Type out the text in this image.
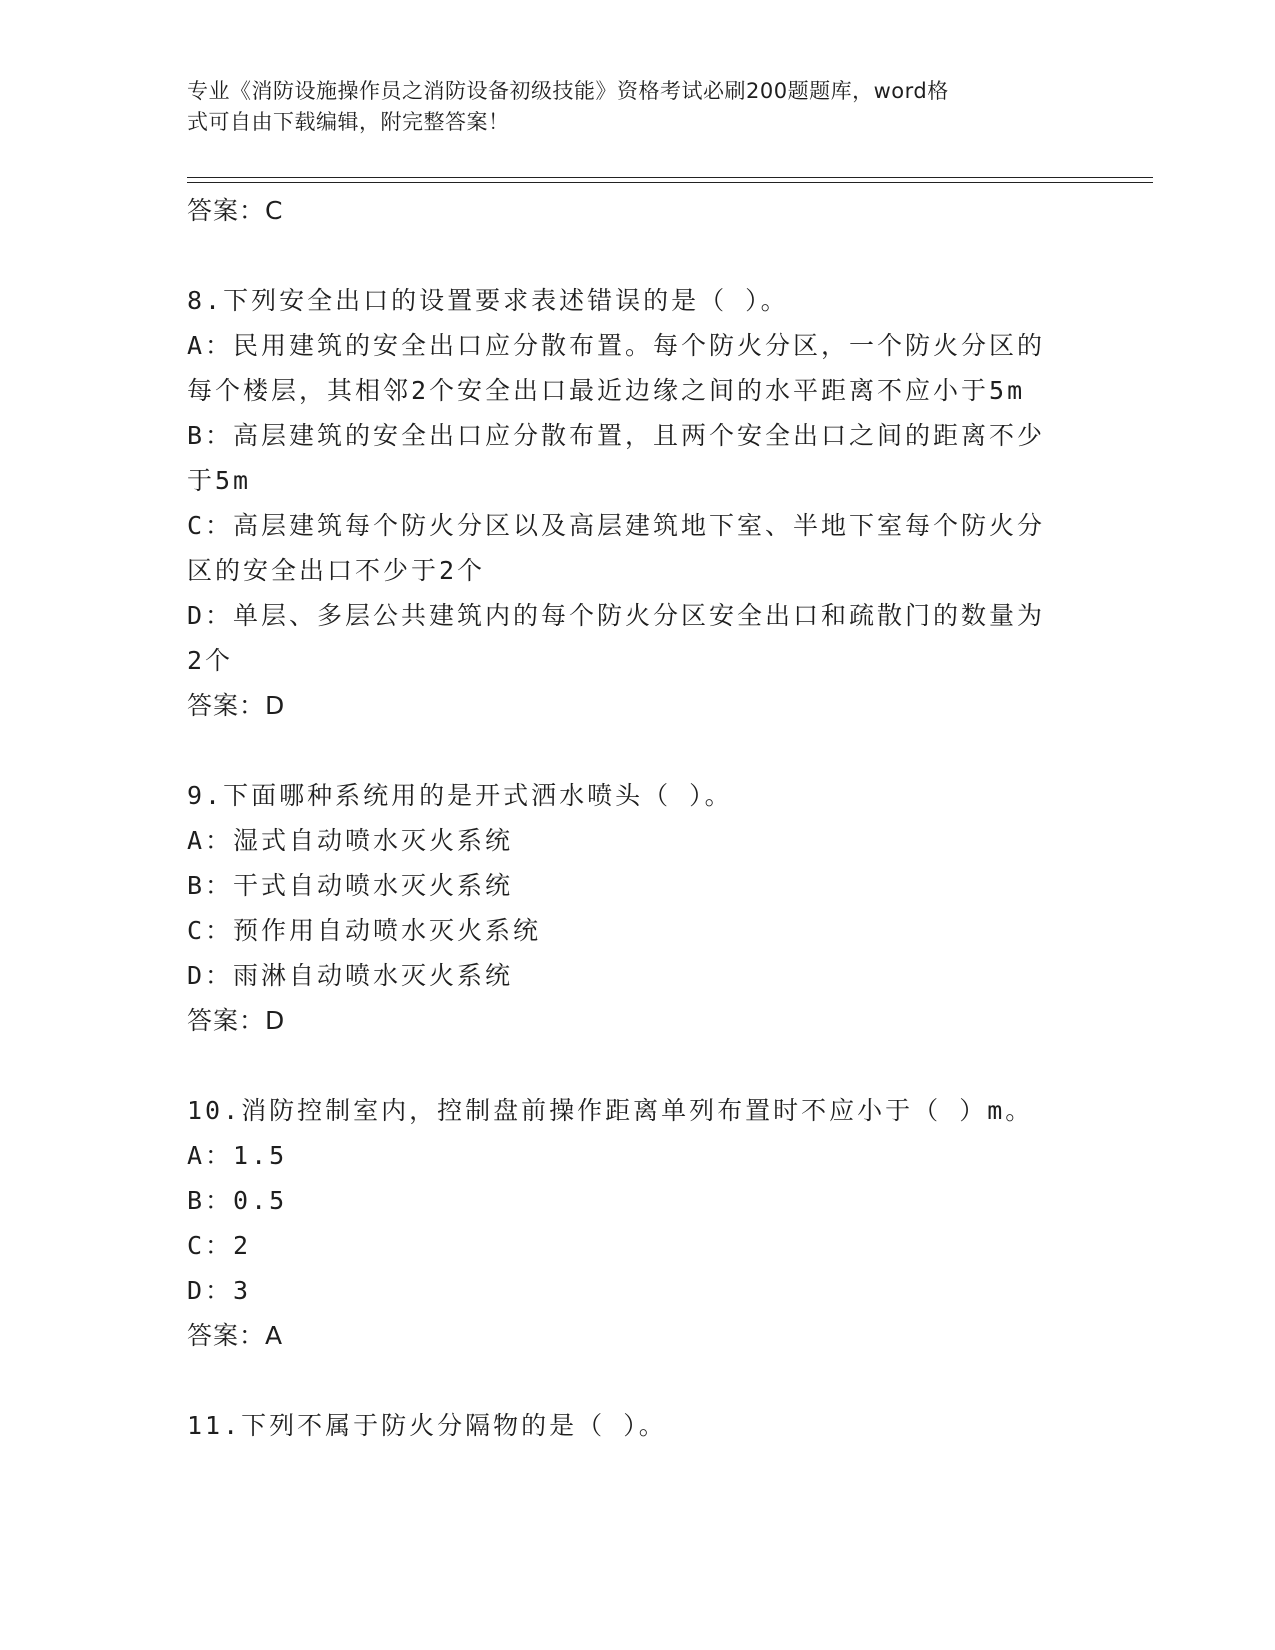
专业《消防设施操作员之消防设备初级技能》资格考试必刷200题题库，word格
式可自由下载编辑，附完整答案！
答案：C
8.下列安全出口的设置要求表述错误的是（ ）。
A：民用建筑的安全出口应分散布置。每个防火分区，一个防火分区的
每个楼层，其相邻2个安全出口最近边缘之间的水平距离不应小于5m
B：高层建筑的安全出口应分散布置，且两个安全出口之间的距离不少
于5m
C：高层建筑每个防火分区以及高层建筑地下室、半地下室每个防火分
区的安全出口不少于2个
D：单层、多层公共建筑内的每个防火分区安全出口和疏散门的数量为
2个
答案：D
9.下面哪种系统用的是开式洒水喷头（ ）。
A：湿式自动喷水灭火系统
B：干式自动喷水灭火系统
C：预作用自动喷水灭火系统
D：雨淋自动喷水灭火系统
答案：D
10.消防控制室内，控制盘前操作距离单列布置时不应小于（ ）m。
A：1.5
B：0.5
C：2
D：3
答案：A
11.下列不属于防火分隔物的是（ ）。
